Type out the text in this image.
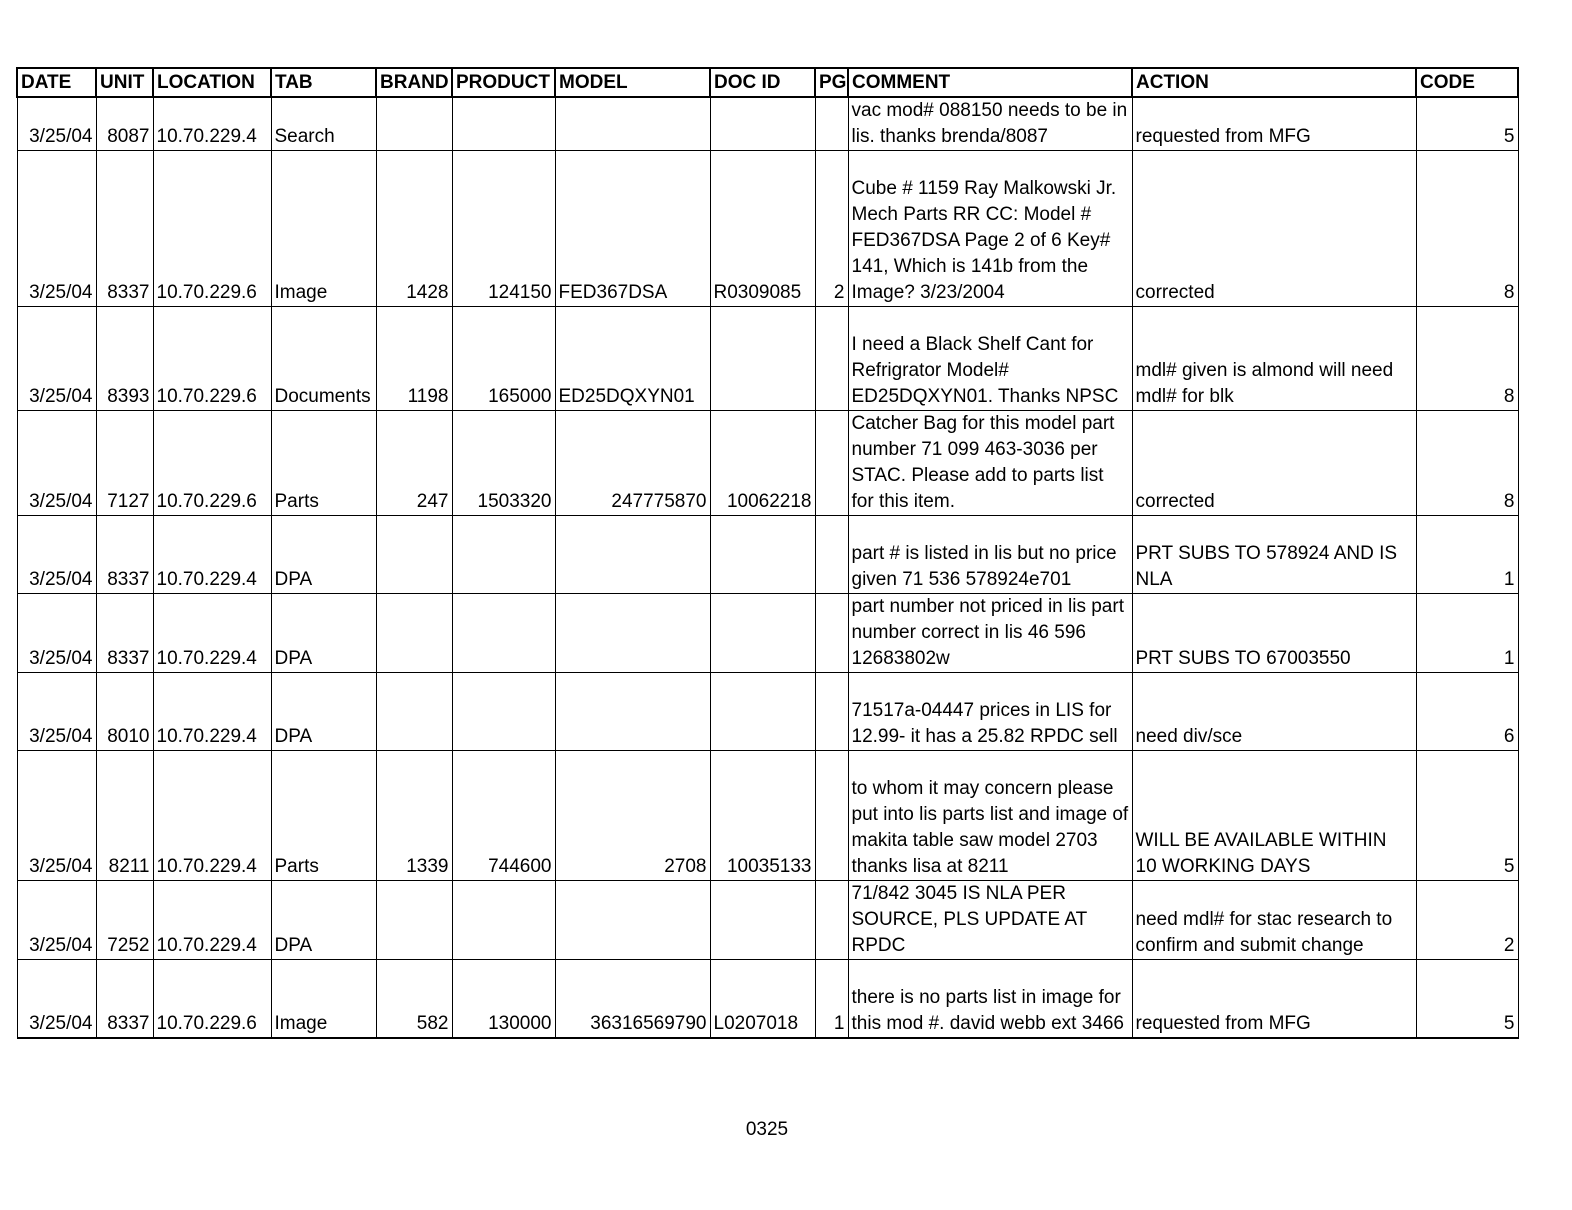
DATE	UNIT	LOCATION	TAB	BRAND	PRODUCT	MODEL	DOC ID	PG	COMMENT	ACTION	CODE
3/25/04	8087	10.70.229.4	Search						vac mod# 088150 needs to be in lis. thanks brenda/8087	requested from MFG	5
3/25/04	8337	10.70.229.6	Image	1428	124150	FED367DSA	R0309085	2	Cube # 1159 Ray Malkowski Jr. Mech Parts RR CC: Model # FED367DSA Page 2 of 6 Key# 141, Which is 141b from the Image? 3/23/2004	corrected	8
3/25/04	8393	10.70.229.6	Documents	1198	165000	ED25DQXYN01			I need a Black Shelf Cant for Refrigrator Model# ED25DQXYN01. Thanks NPSC	mdl# given is almond will need mdl# for blk	8
3/25/04	7127	10.70.229.6	Parts	247	1503320	247775870	10062218		Catcher Bag for this model part number 71 099 463-3036 per STAC. Please add to parts list for this item.	corrected	8
3/25/04	8337	10.70.229.4	DPA						part # is listed in lis but no price given 71 536 578924e701	PRT SUBS TO 578924 AND IS NLA	1
3/25/04	8337	10.70.229.4	DPA						part number not priced in lis part number correct in lis 46 596 12683802w	PRT SUBS TO 67003550	1
3/25/04	8010	10.70.229.4	DPA						71517a-04447 prices in LIS for 12.99- it has a 25.82 RPDC sell	need div/sce	6
3/25/04	8211	10.70.229.4	Parts	1339	744600	2708	10035133		to whom it may concern please put into lis parts list and image of makita table saw model 2703 thanks lisa at 8211	WILL BE AVAILABLE WITHIN 10 WORKING DAYS	5
3/25/04	7252	10.70.229.4	DPA						71/842 3045 IS NLA PER SOURCE, PLS UPDATE AT RPDC	need mdl# for stac research to confirm and submit change	2
3/25/04	8337	10.70.229.6	Image	582	130000	36316569790	L0207018	1	there is no parts list in image for this mod #. david webb ext 3466	requested from MFG	5
0325
